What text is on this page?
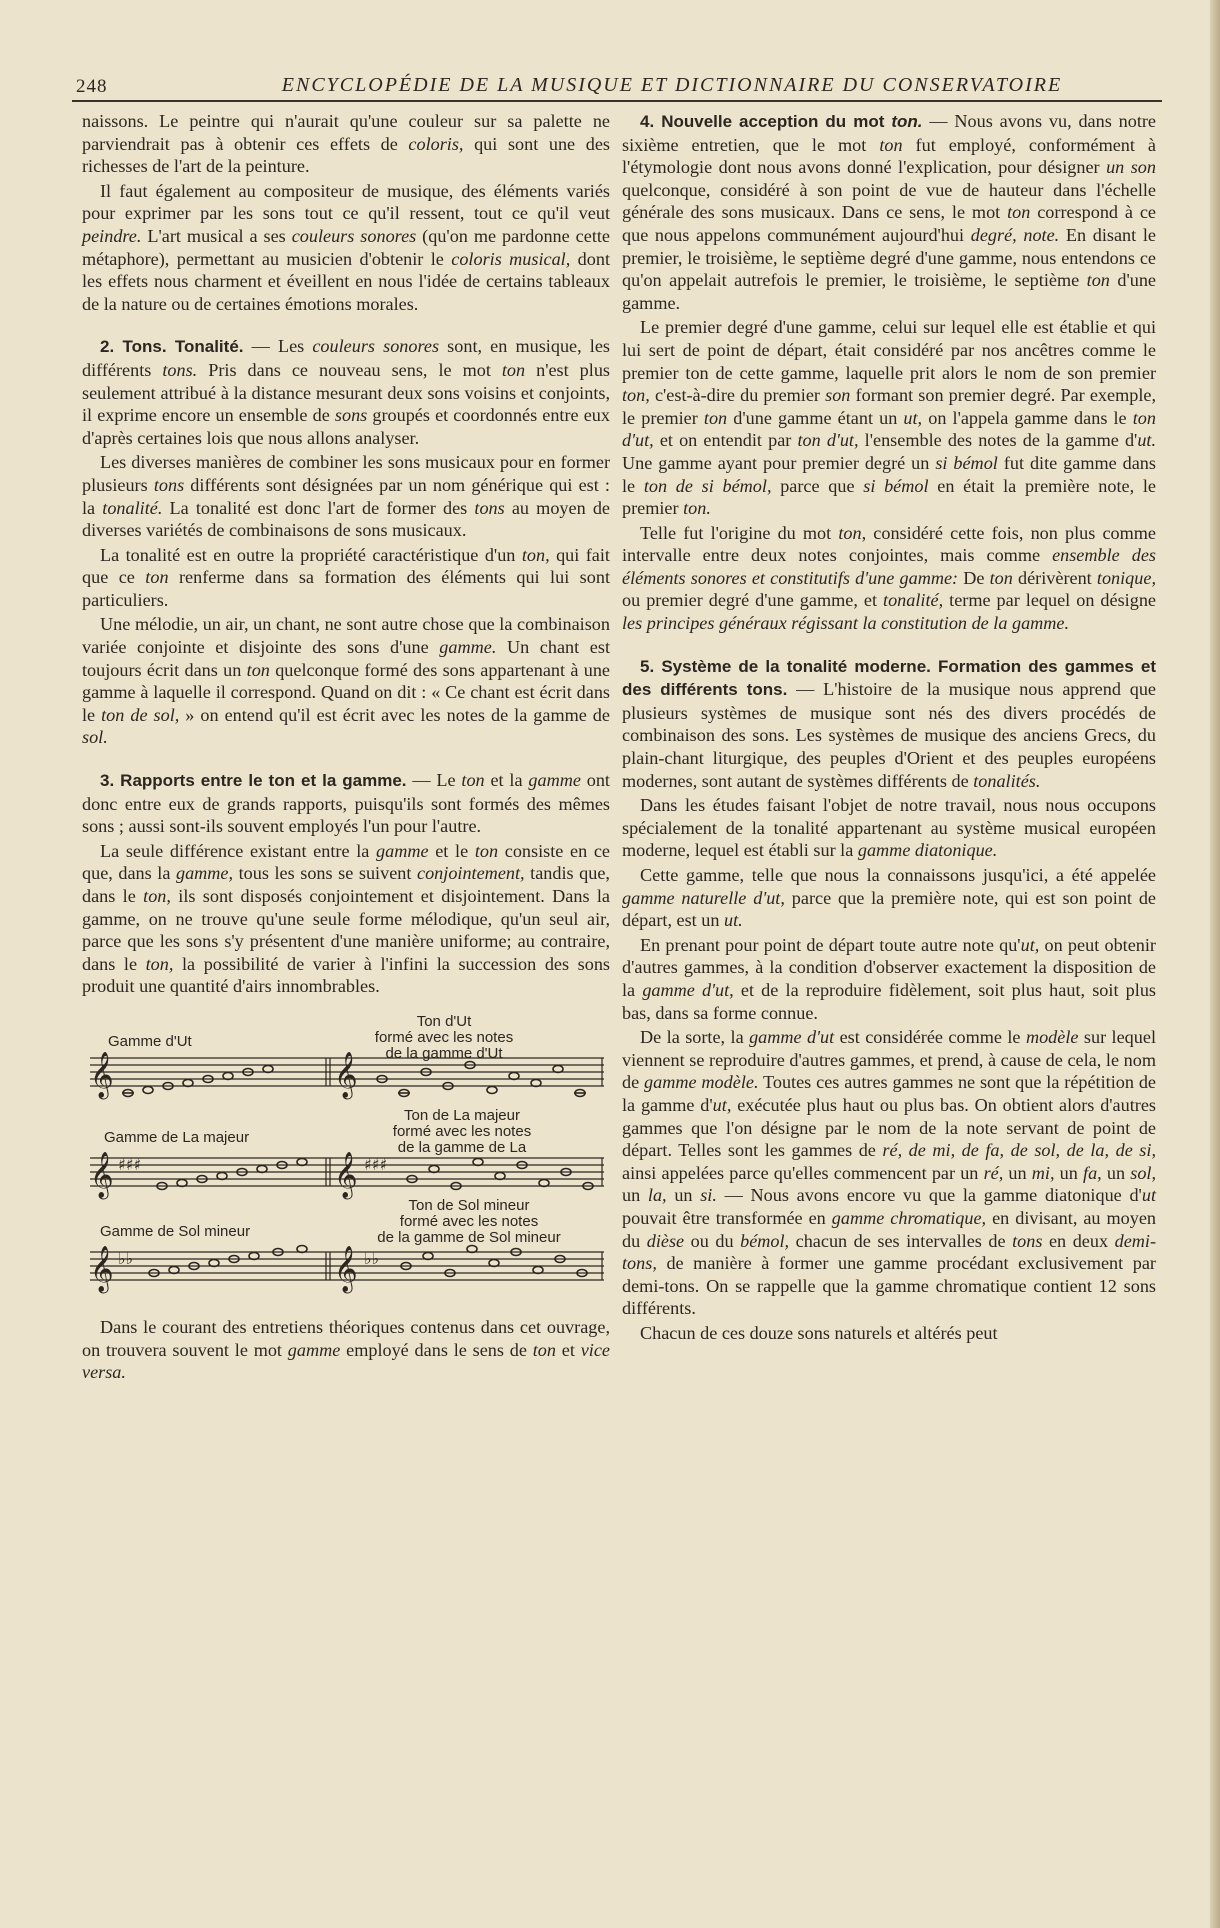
248	ENCYCLOPÉDIE DE LA MUSIQUE ET DICTIONNAIRE DU CONSERVATOIRE

naissons. Le peintre qui n'aurait qu'une couleur sur sa palette ne parviendrait pas à obtenir ces effets de coloris, qui sont une des richesses de l'art de la peinture.

Il faut également au compositeur de musique, des éléments variés pour exprimer par les sons tout ce qu'il ressent, tout ce qu'il veut peindre. L'art musical a ses couleurs sonores (qu'on me pardonne cette métaphore), permettant au musicien d'obtenir le coloris musical, dont les effets nous charment et éveillent en nous l'idée de certains tableaux de la nature ou de certaines émotions morales.

2. Tons. Tonalité. — Les couleurs sonores sont, en musique, les différents tons. Pris dans ce nouveau sens, le mot ton n'est plus seulement attribué à la distance mesurant deux sons voisins et conjoints, il exprime encore un ensemble de sons groupés et coordonnés entre eux d'après certaines lois que nous allons analyser.

Les diverses manières de combiner les sons musicaux pour en former plusieurs tons différents sont désignées par un nom générique qui est : la tonalité. La tonalité est donc l'art de former des tons au moyen de diverses variétés de combinaisons de sons musicaux.

La tonalité est en outre la propriété caractéristique d'un ton, qui fait que ce ton renferme dans sa formation des éléments qui lui sont particuliers.

Une mélodie, un air, un chant, ne sont autre chose que la combinaison variée conjointe et disjointe des sons d'une gamme. Un chant est toujours écrit dans un ton quelconque formé des sons appartenant à une gamme à laquelle il correspond. Quand on dit : « Ce chant est écrit dans le ton de sol, » on entend qu'il est écrit avec les notes de la gamme de sol.

3. Rapports entre le ton et la gamme. — Le ton et la gamme ont donc entre eux de grands rapports, puisqu'ils sont formés des mêmes sons ; aussi sont-ils souvent employés l'un pour l'autre.

La seule différence existant entre la gamme et le ton consiste en ce que, dans la gamme, tous les sons se suivent conjointement, tandis que, dans le ton, ils sont disposés conjointement et disjointement. Dans la gamme, on ne trouve qu'une seule forme mélodique, qu'un seul air, parce que les sons s'y présentent d'une manière uniforme; au contraire, dans le ton, la possibilité de varier à l'infini la succession des sons produit une quantité d'airs innombrables.

𝄞	𝄞
𝄞	𝄞
𝄞	𝄞
♯♯♯	♯♯♯
♭♭	♭♭
Gamme d'Ut
Ton d'Ut
formé avec les notes
de la gamme d'Ut
Gamme de La majeur
Ton de La majeur
formé avec les notes
de la gamme de La
Gamme de Sol mineur
Ton de Sol mineur
formé avec les notes
de la gamme de Sol mineur

Dans le courant des entretiens théoriques contenus dans cet ouvrage, on trouvera souvent le mot gamme employé dans le sens de ton et vice versa.

4. Nouvelle acception du mot ton. — Nous avons vu, dans notre sixième entretien, que le mot ton fut employé, conformément à l'étymologie dont nous avons donné l'explication, pour désigner un son quelconque, considéré à son point de vue de hauteur dans l'échelle générale des sons musicaux. Dans ce sens, le mot ton correspond à ce que nous appelons communément aujourd'hui degré, note. En disant le premier, le troisième, le septième degré d'une gamme, nous entendons ce qu'on appelait autrefois le premier, le troisième, le septième ton d'une gamme.

Le premier degré d'une gamme, celui sur lequel elle est établie et qui lui sert de point de départ, était considéré par nos ancêtres comme le premier ton de cette gamme, laquelle prit alors le nom de son premier ton, c'est-à-dire du premier son formant son premier degré. Par exemple, le premier ton d'une gamme étant un ut, on l'appela gamme dans le ton d'ut, et on entendit par ton d'ut, l'ensemble des notes de la gamme d'ut. Une gamme ayant pour premier degré un si bémol fut dite gamme dans le ton de si bémol, parce que si bémol en était la première note, le premier ton.

Telle fut l'origine du mot ton, considéré cette fois, non plus comme intervalle entre deux notes conjointes, mais comme ensemble des éléments sonores et constitutifs d'une gamme: De ton dérivèrent tonique, ou premier degré d'une gamme, et tonalité, terme par lequel on désigne les principes généraux régissant la constitution de la gamme.

5. Système de la tonalité moderne. Formation des gammes et des différents tons. — L'histoire de la musique nous apprend que plusieurs systèmes de musique sont nés des divers procédés de combinaison des sons. Les systèmes de musique des anciens Grecs, du plain-chant liturgique, des peuples d'Orient et des peuples européens modernes, sont autant de systèmes différents de tonalités.

Dans les études faisant l'objet de notre travail, nous nous occupons spécialement de la tonalité appartenant au système musical européen moderne, lequel est établi sur la gamme diatonique.

Cette gamme, telle que nous la connaissons jusqu'ici, a été appelée gamme naturelle d'ut, parce que la première note, qui est son point de départ, est un ut.

En prenant pour point de départ toute autre note qu'ut, on peut obtenir d'autres gammes, à la condition d'observer exactement la disposition de la gamme d'ut, et de la reproduire fidèlement, soit plus haut, soit plus bas, dans sa forme connue.

De la sorte, la gamme d'ut est considérée comme le modèle sur lequel viennent se reproduire d'autres gammes, et prend, à cause de cela, le nom de gamme modèle. Toutes ces autres gammes ne sont que la répétition de la gamme d'ut, exécutée plus haut ou plus bas. On obtient alors d'autres gammes que l'on désigne par le nom de la note servant de point de départ. Telles sont les gammes de ré, de mi, de fa, de sol, de la, de si, ainsi appelées parce qu'elles commencent par un ré, un mi, un fa, un sol, un la, un si. — Nous avons encore vu que la gamme diatonique d'ut pouvait être transformée en gamme chromatique, en divisant, au moyen du dièse ou du bémol, chacun de ses intervalles de tons en deux demi-tons, de manière à former une gamme procédant exclusivement par demi-tons. On se rappelle que la gamme chromatique contient 12 sons différents.

Chacun de ces douze sons naturels et altérés peut
